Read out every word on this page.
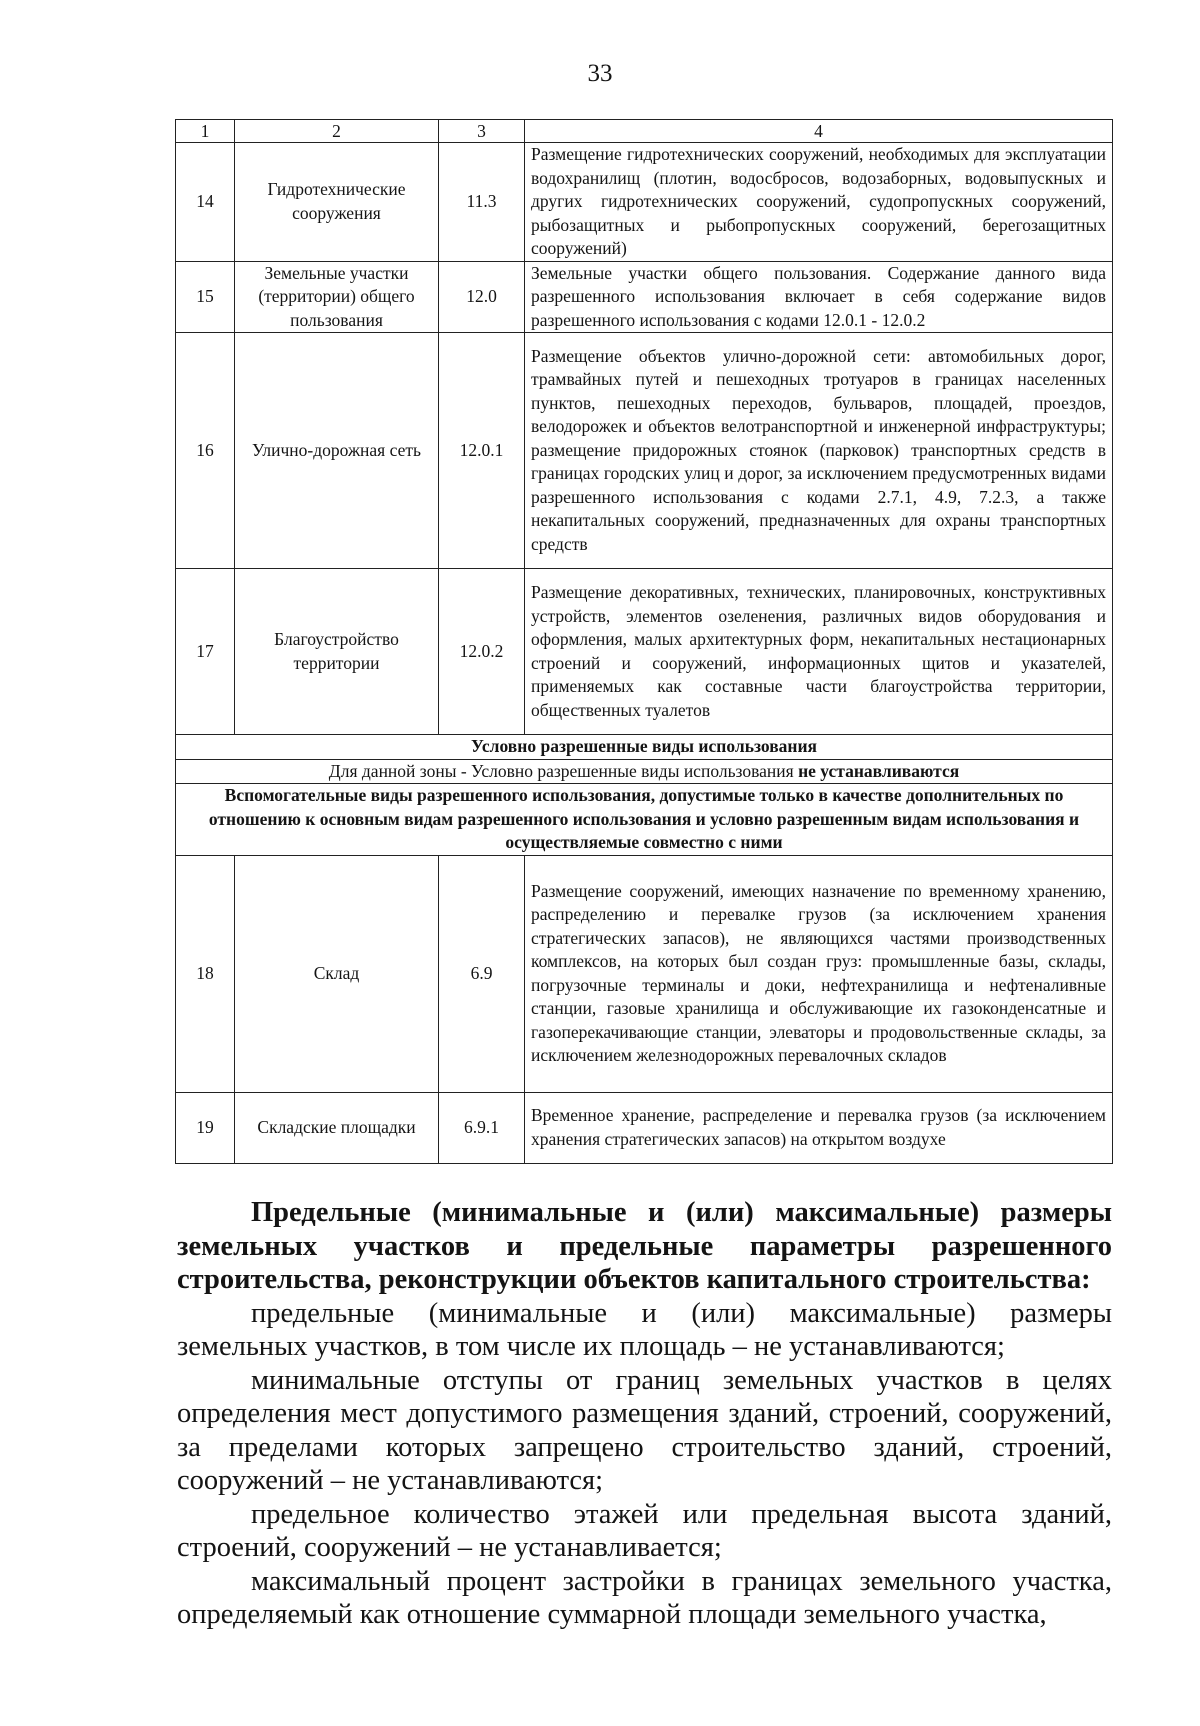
33
1	2	3	4
14	Гидротехнические сооружения	11.3	Размещение гидротехнических сооружений, необходимых для эксплуатации водохранилищ (плотин, водосбросов, водозаборных, водовыпускных и других гидротехнических сооружений, судопропускных сооружений, рыбозащитных и рыбопропускных сооружений, берегозащитных сооружений)
15	Земельные участки (территории) общего пользования	12.0	Земельные участки общего пользования. Содержание данного вида разрешенного использования включает в себя содержание видов разрешенного использования с кодами 12.0.1 - 12.0.2
16	Улично-дорожная сеть	12.0.1	Размещение объектов улично-дорожной сети: автомобильных дорог, трамвайных путей и пешеходных тротуаров в границах населенных пунктов, пешеходных переходов, бульваров, площадей, проездов, велодорожек и объектов велотранспортной и инженерной инфраструктуры; размещение придорожных стоянок (парковок) транспортных средств в границах городских улиц и дорог, за исключением предусмотренных видами разрешенного использования с кодами 2.7.1, 4.9, 7.2.3, а также некапитальных сооружений, предназначенных для охраны транспортных средств
17	Благоустройство территории	12.0.2	Размещение декоративных, технических, планировочных, конструктивных устройств, элементов озеленения, различных видов оборудования и оформления, малых архитектурных форм, некапитальных нестационарных строений и сооружений, информационных щитов и указателей, применяемых как составные части благоустройства территории, общественных туалетов
Условно разрешенные виды использования			
Для данной зоны - Условно разрешенные виды использования не устанавливаются			
Вспомогательные виды разрешенного использования, допустимые только в качестве дополнительных по отношению к основным видам разрешенного использования и условно разрешенным видам использования и осуществляемые совместно с ними			
18	Склад	6.9	Размещение сооружений, имеющих назначение по временному хранению, распределению и перевалке грузов (за исключением хранения стратегических запасов), не являющихся частями производственных комплексов, на которых был создан груз: промышленные базы, склады, погрузочные терминалы и доки, нефтехранилища и нефтеналивные станции, газовые хранилища и обслуживающие их газоконденсатные и газоперекачивающие станции, элеваторы и продовольственные склады, за исключением железнодорожных перевалочных складов
19	Складские площадки	6.9.1	Временное хранение, распределение и перевалка грузов (за исключением хранения стратегических запасов) на открытом воздухе

Предельные (минимальные и (или) максимальные) размеры земельных участков и предельные параметры разрешенного строительства, реконструкции объектов капитального строительства:

предельные (минимальные и (или) максимальные) размеры земельных участков, в том числе их площадь – не устанавливаются;

минимальные отступы от границ земельных участков в целях определения мест допустимого размещения зданий, строений, сооружений, за пределами которых запрещено строительство зданий, строений, сооружений – не устанавливаются;

предельное количество этажей или предельная высота зданий, строений, сооружений – не устанавливается;

максимальный процент застройки в границах земельного участка, определяемый как отношение суммарной площади земельного участка,
